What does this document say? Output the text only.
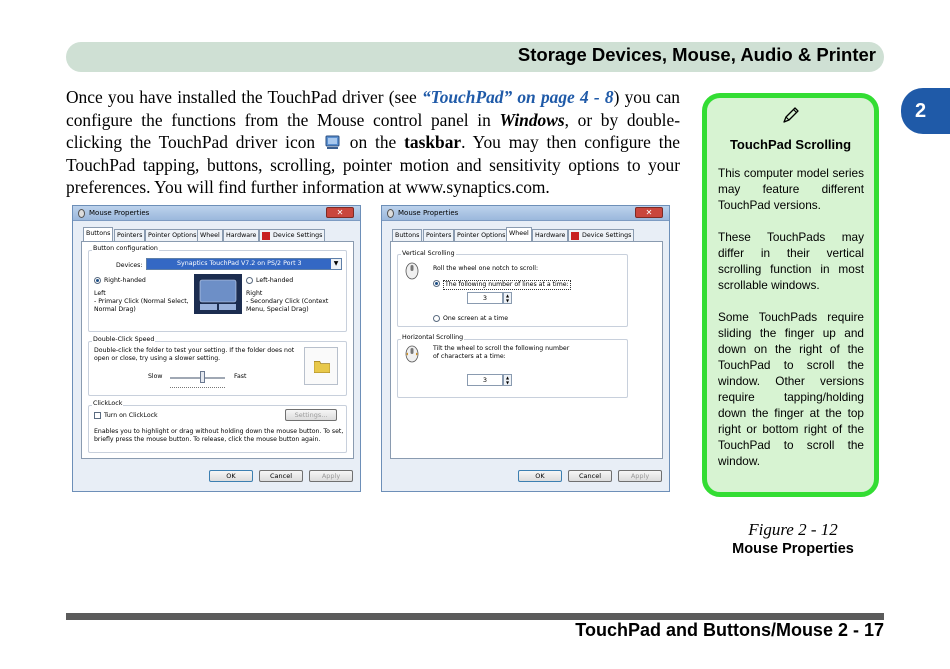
Storage Devices, Mouse, Audio & Printer
2
Once you have installed the TouchPad driver (see “TouchPad” on page 4 - 8) you can configure the functions from the Mouse control panel in Windows, or by double-clicking the TouchPad driver icon  on the taskbar. You may then configure the TouchPad tapping, buttons, scrolling, pointer motion and sensitivity options to your preferences. You will find further information at www.synaptics.com.
Mouse Properties	✕
Buttons	Pointers Pointer Options Wheel Hardware	Device Settings
Button configuration
Devices:	Synaptics TouchPad V7.2 on PS/2 Port 3	▼
Right-handed	Left-handed
Left
- Primary Click (Normal Select,
Normal Drag)
Right
- Secondary Click (Context
Menu, Special Drag)
Double-Click Speed
Double-click the folder to test your setting. If the folder does not
open or close, try using a slower setting.
Slow	Fast
ClickLock
Turn on ClickLock	Settings...
Enables you to highlight or drag without holding down the mouse button. To set,
briefly press the mouse button. To release, click the mouse button again.
OK	Cancel	Apply
Mouse Properties	✕
Buttons	Pointers Pointer Options Wheel Hardware	Device Settings
Vertical Scrolling
Roll the wheel one notch to scroll:
The following number of lines at a time:
3	▲
▼
One screen at a time
Horizontal Scrolling
Tilt the wheel to scroll the following number
of characters at a time:
3	▲
▼
OK	Cancel	Apply
TouchPad Scrolling
This computer model series may feature different TouchPad versions.
These TouchPads may differ in their vertical scrolling function in most scrollable windows.
Some TouchPads require sliding the finger up and down on the right of the TouchPad to scroll the window. Other versions require tapping/holding down the finger at the top right or bottom right of the TouchPad to scroll the window.
Figure 2 - 12
Mouse Properties
TouchPad and Buttons/Mouse 2 - 17
